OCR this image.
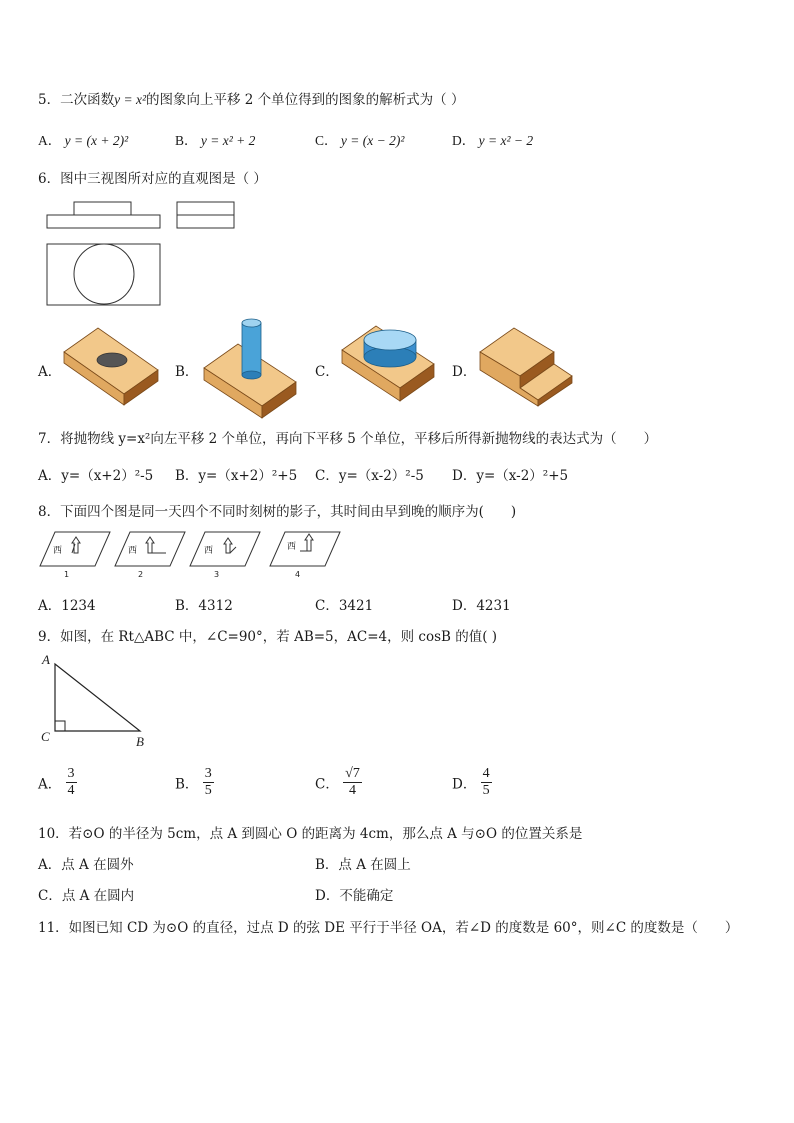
5．二次函数y = x²的图象向上平移 2 个单位得到的图象的解析式为（ ）
A． y = (x + 2)²	B． y = x² + 2	C． y = (x − 2)²	D． y = x² − 2
6．图中三视图所对应的直观图是（ ）
A．	B．	C．	D．
7．将抛物线 y=x²向左平移 2 个单位，再向下平移 5 个单位，平移后所得新抛物线的表达式为（　　）
A．y=（x+2）²-5 B．y=（x+2）²+5 C．y=（x-2）²-5 D．y=（x-2）²+5
8．下面四个图是同一天四个不同时刻树的影子，其时间由早到晚的顺序为(　　)
西	西	西	西
1	2	3	4
A．1234	B．4312	C．3421	D．4231
9．如图，在 Rt△ABC 中，∠C=90°，若 AB=5，AC=4，则 cosB 的值( )
A
B
C
A． $\frac{3}{4}$	B． $\frac{3}{5}$	C． $\frac{√7}{4}$	D． $\frac{4}{5}$
10．若⊙O 的半径为 5cm，点 A 到圆心 O 的距离为 4cm，那么点 A 与⊙O 的位置关系是
A．点 A 在圆外	B．点 A 在圆上
C．点 A 在圆内	D．不能确定
11．如图已知 CD 为⊙O 的直径，过点 D 的弦 DE 平行于半径 OA，若∠D 的度数是 60°，则∠C 的度数是（　　）
